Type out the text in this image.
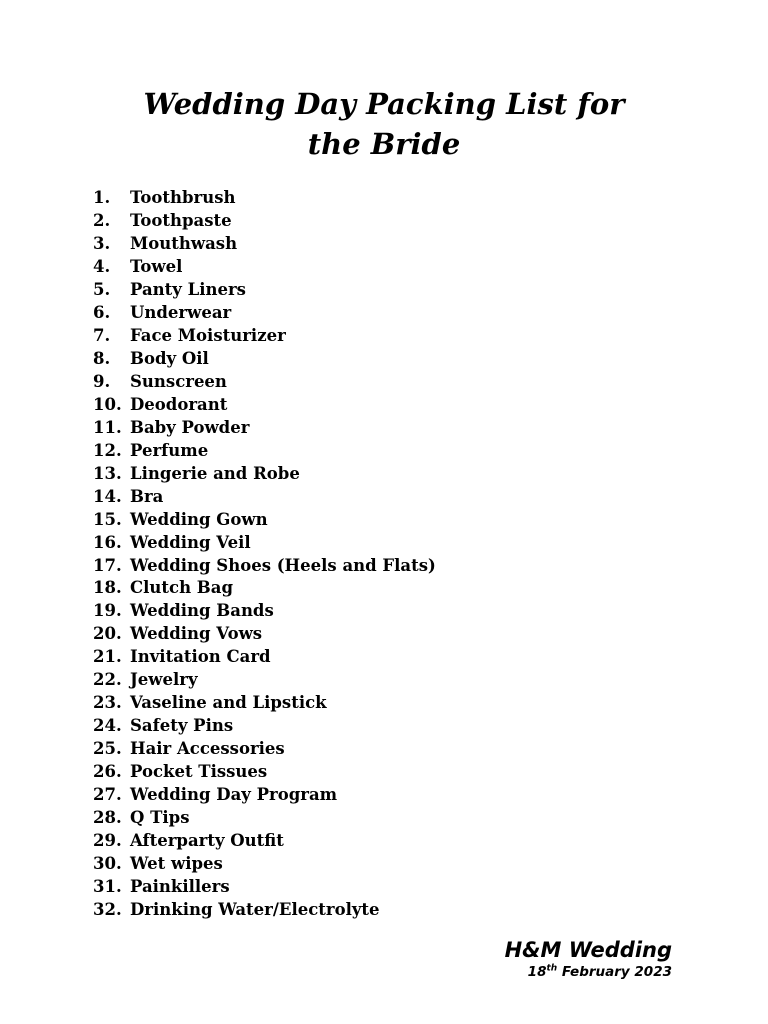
Wedding Day Packing List for
the Bride
1.	Toothbrush
2.	Toothpaste
3.	Mouthwash
4.	Towel
5.	Panty Liners
6.	Underwear
7.	Face Moisturizer
8.	Body Oil
9.	Sunscreen
10. Deodorant
11. Baby Powder
12. Perfume
13. Lingerie and Robe
14. Bra
15. Wedding Gown
16. Wedding Veil
17. Wedding Shoes (Heels and Flats)
18. Clutch Bag
19. Wedding Bands
20. Wedding Vows
21. Invitation Card
22. Jewelry
23. Vaseline and Lipstick
24. Safety Pins
25. Hair Accessories
26. Pocket Tissues
27. Wedding Day Program
28. Q Tips
29. Afterparty Outfit
30. Wet wipes
31. Painkillers
32. Drinking Water/Electrolyte
H&M Wedding
18th February 2023
